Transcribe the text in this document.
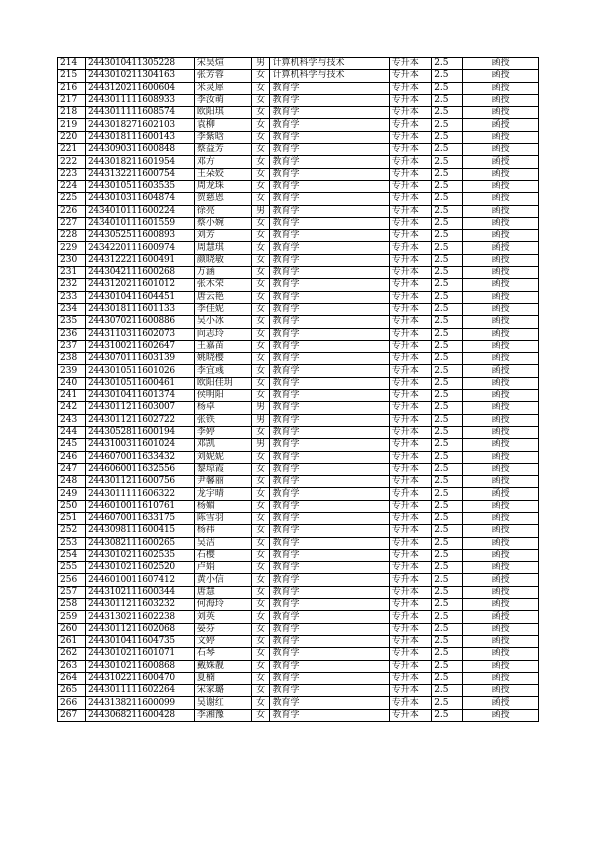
214	244301041130522​8	宋昊煊	男	计算机科学与技术	专升本	2.5	函授
215	2443010211304163	张芳蓉	女	计算机科学与技术	专升本	2.5	函授
216	2443120211600604	米灵犀	女	教育学	专升本	2.5	函授
217	2443011111608933	李汝萌	女	教育学	专升本	2.5	函授
218	2443011111608574	欧阳琪	女	教育学	专升本	2.5	函授
219	2443018271602103	袁柳	女	教育学	专升本	2.5	函授
220	2443018111600143	李紫晗	女	教育学	专升本	2.5	函授
221	2443090311600848	蔡益芳	女	教育学	专升本	2.5	函授
222	2443018211601954	邓方	女	教育学	专升本	2.5	函授
223	2443132211600754	王朵姣	女	教育学	专升本	2.5	函授
224	2443010511603535	周龙珠	女	教育学	专升本	2.5	函授
225	2443010311604874	贺慈恩	女	教育学	专升本	2.5	函授
226	2434010111600224	徐亮	男	教育学	专升本	2.5	函授
227	2434010111601559	蔡小婉	女	教育学	专升本	2.5	函授
228	2443052511600893	刘芳	女	教育学	专升本	2.5	函授
229	2434220111600974	周慧琪	女	教育学	专升本	2.5	函授
230	2443122211600491	颜晓敏	女	教育学	专升本	2.5	函授
231	2443042111600268	万涵	女	教育学	专升本	2.5	函授
232	2443120211601012	张木荣	女	教育学	专升本	2.5	函授
233	2443010411604451	唐云艳	女	教育学	专升本	2.5	函授
234	2443018111601133	李佳妮	女	教育学	专升本	2.5	函授
235	2443070211600886	吴小冰	女	教育学	专升本	2.5	函授
236	2443110311602073	向志玲	女	教育学	专升本	2.5	函授
237	2443100211602647	王嘉苗	女	教育学	专升本	2.5	函授
238	2443070111603139	姚晓樱	女	教育学	专升本	2.5	函授
239	2443010511601026	李宜彧	女	教育学	专升本	2.5	函授
240	2443010511600461	欧阳佳玥	女	教育学	专升本	2.5	函授
241	2443010411601374	侯明阳	女	教育学	专升本	2.5	函授
242	2443011211603007	杨卓	男	教育学	专升本	2.5	函授
243	2443011211602722	张铁	男	教育学	专升本	2.5	函授
244	2443052811600194	李婷	女	教育学	专升本	2.5	函授
245	2443100311601024	邓凯	男	教育学	专升本	2.5	函授
246	2446070011633432	刘妮妮	女	教育学	专升本	2.5	函授
247	2446060011632556	黎琼霞	女	教育学	专升本	2.5	函授
248	2443011211600756	尹馨丽	女	教育学	专升本	2.5	函授
249	2443011111606322	龙宇晴	女	教育学	专升本	2.5	函授
250	2446010011610761	杨媚	女	教育学	专升本	2.5	函授
251	2446070011633175	陈雪羽	女	教育学	专升本	2.5	函授
252	2443098111600415	杨祎	女	教育学	专升本	2.5	函授
253	2443082111600265	吴洁	女	教育学	专升本	2.5	函授
254	2443010211602535	石樱	女	教育学	专升本	2.5	函授
255	2443010211602520	卢娟	女	教育学	专升本	2.5	函授
256	2446010011607412	黄小信	女	教育学	专升本	2.5	函授
257	2443102111600344	唐慧	女	教育学	专升本	2.5	函授
258	2443011211603232	何海玲	女	教育学	专升本	2.5	函授
259	2443130211602238	刘英	女	教育学	专升本	2.5	函授
260	2443011211602068	晏芬	女	教育学	专升本	2.5	函授
261	2443010411604735	文婷	女	教育学	专升本	2.5	函授
262	2443010211601071	石琴	女	教育学	专升本	2.5	函授
263	2443010211600868	戴姝靓	女	教育学	专升本	2.5	函授
264	2443102211600470	夏楠	女	教育学	专升本	2.5	函授
265	2443011111602264	宋家璐	女	教育学	专升本	2.5	函授
266	2443138211600099	吴谢红	女	教育学	专升本	2.5	函授
267	2443068211600428	李湘豫	女	教育学	专升本	2.5	函授
